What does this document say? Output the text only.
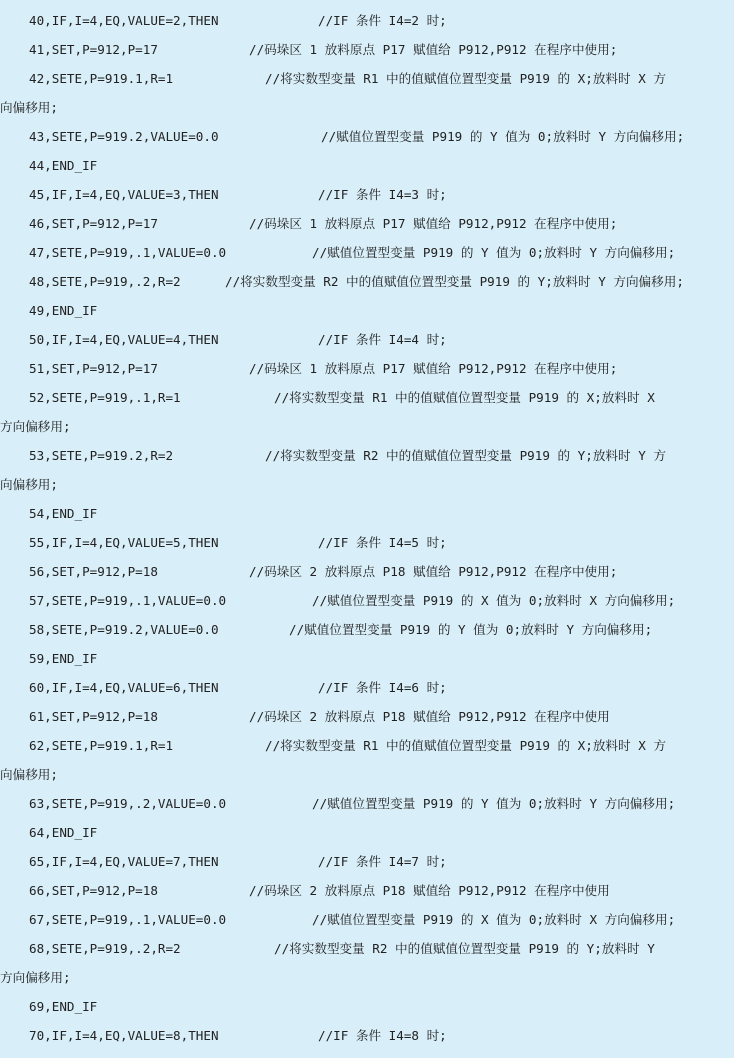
40,IF,I=4,EQ,VALUE=2,THEN	//IF 条件 I4=2 时;
41,SET,P=912,P=17	//码垛区 1 放料原点 P17 赋值给 P912,P912 在程序中使用;
42,SETE,P=919.1,R=1	//将实数型变量 R1 中的值赋值位置型变量 P919 的 X;放料时 X 方
向偏移用;
43,SETE,P=919.2,VALUE=0.0	//赋值位置型变量 P919 的 Y 值为 0;放料时 Y 方向偏移用;
44,END_IF
45,IF,I=4,EQ,VALUE=3,THEN	//IF 条件 I4=3 时;
46,SET,P=912,P=17	//码垛区 1 放料原点 P17 赋值给 P912,P912 在程序中使用;
47,SETE,P=919,.1,VALUE=0.0	//赋值位置型变量 P919 的 Y 值为 0;放料时 Y 方向偏移用;
48,SETE,P=919,.2,R=2	//将实数型变量 R2 中的值赋值位置型变量 P919 的 Y;放料时 Y 方向偏移用;
49,END_IF
50,IF,I=4,EQ,VALUE=4,THEN	//IF 条件 I4=4 时;
51,SET,P=912,P=17	//码垛区 1 放料原点 P17 赋值给 P912,P912 在程序中使用;
52,SETE,P=919,.1,R=1	//将实数型变量 R1 中的值赋值位置型变量 P919 的 X;放料时 X
方向偏移用;
53,SETE,P=919.2,R=2	//将实数型变量 R2 中的值赋值位置型变量 P919 的 Y;放料时 Y 方
向偏移用;
54,END_IF
55,IF,I=4,EQ,VALUE=5,THEN	//IF 条件 I4=5 时;
56,SET,P=912,P=18	//码垛区 2 放料原点 P18 赋值给 P912,P912 在程序中使用;
57,SETE,P=919,.1,VALUE=0.0	//赋值位置型变量 P919 的 X 值为 0;放料时 X 方向偏移用;
58,SETE,P=919.2,VALUE=0.0	//赋值位置型变量 P919 的 Y 值为 0;放料时 Y 方向偏移用;
59,END_IF
60,IF,I=4,EQ,VALUE=6,THEN	//IF 条件 I4=6 时;
61,SET,P=912,P=18	//码垛区 2 放料原点 P18 赋值给 P912,P912 在程序中使用
62,SETE,P=919.1,R=1	//将实数型变量 R1 中的值赋值位置型变量 P919 的 X;放料时 X 方
向偏移用;
63,SETE,P=919,.2,VALUE=0.0	//赋值位置型变量 P919 的 Y 值为 0;放料时 Y 方向偏移用;
64,END_IF
65,IF,I=4,EQ,VALUE=7,THEN	//IF 条件 I4=7 时;
66,SET,P=912,P=18	//码垛区 2 放料原点 P18 赋值给 P912,P912 在程序中使用
67,SETE,P=919,.1,VALUE=0.0	//赋值位置型变量 P919 的 X 值为 0;放料时 X 方向偏移用;
68,SETE,P=919,.2,R=2	//将实数型变量 R2 中的值赋值位置型变量 P919 的 Y;放料时 Y
方向偏移用;
69,END_IF
70,IF,I=4,EQ,VALUE=8,THEN	//IF 条件 I4=8 时;
